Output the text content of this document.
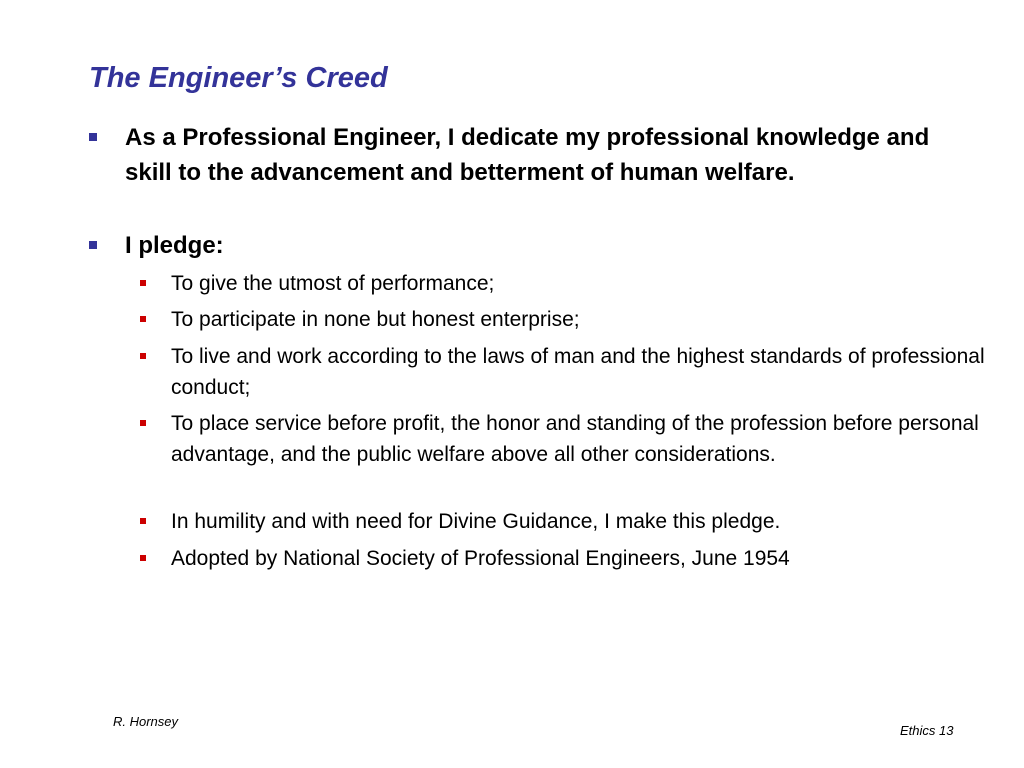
The Engineer’s Creed
As a Professional Engineer, I dedicate my professional knowledge and skill to the advancement and betterment of human welfare.
I pledge:
To give the utmost of performance;
To participate in none but honest enterprise;
To live and work according to the laws of man and the highest standards of professional conduct;
To place service before profit, the honor and standing of the profession before personal advantage, and the public welfare above all other considerations.
In humility and with need for Divine Guidance, I make this pledge.
Adopted by National Society of Professional Engineers, June 1954
R. Hornsey
Ethics 13
